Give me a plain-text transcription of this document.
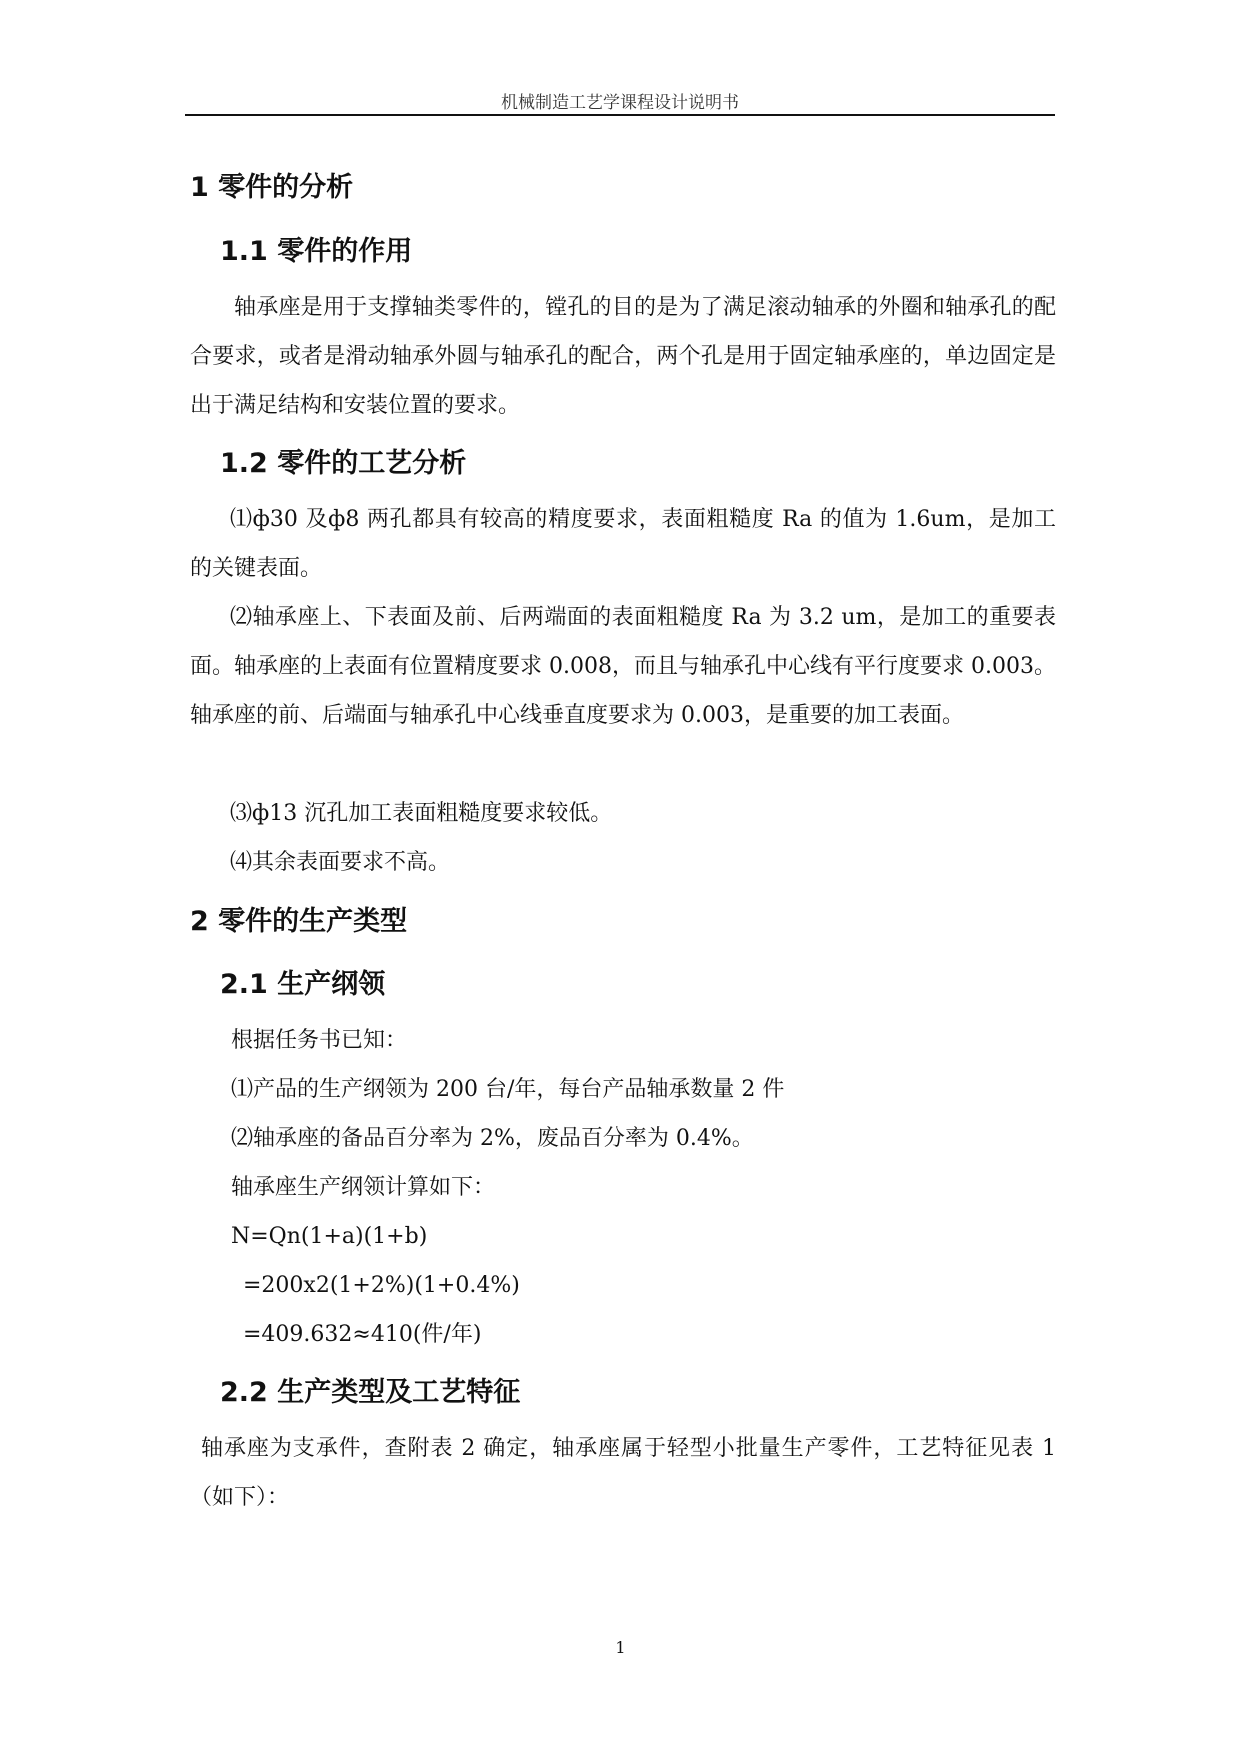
机械制造工艺学课程设计说明书
1 零件的分析
1.1 零件的作用

轴承座是用于支撑轴类零件的，镗孔的目的是为了满足滚动轴承的外圈和轴承孔的配合要求，或者是滑动轴承外圆与轴承孔的配合，两个孔是用于固定轴承座的，单边固定是出于满足结构和安装位置的要求。

1.2 零件的工艺分析

⑴ф30 及ф8 两孔都具有较高的精度要求，表面粗糙度 Ra 的值为 1.6um，是加工的关键表面。

⑵轴承座上、下表面及前、后两端面的表面粗糙度 Ra 为 3.2 um，是加工的重要表面。轴承座的上表面有位置精度要求 0.008，而且与轴承孔中心线有平行度要求 0.003。轴承座的前、后端面与轴承孔中心线垂直度要求为 0.003，是重要的加工表面。

⑶ф13 沉孔加工表面粗糙度要求较低。

⑷其余表面要求不高。

2 零件的生产类型
2.1 生产纲领
根据任务书已知：
⑴产品的生产纲领为 200 台/年，每台产品轴承数量 2 件
⑵轴承座的备品百分率为 2%，废品百分率为 0.4%。
轴承座生产纲领计算如下：
N=Qn(1+a)(1+b)
=200x2(1+2%)(1+0.4%)
=409.632≈410(件/年)
2.2 生产类型及工艺特征

轴承座为支承件，查附表 2 确定，轴承座属于轻型小批量生产零件，工艺特征见表 1（如下）：

1
